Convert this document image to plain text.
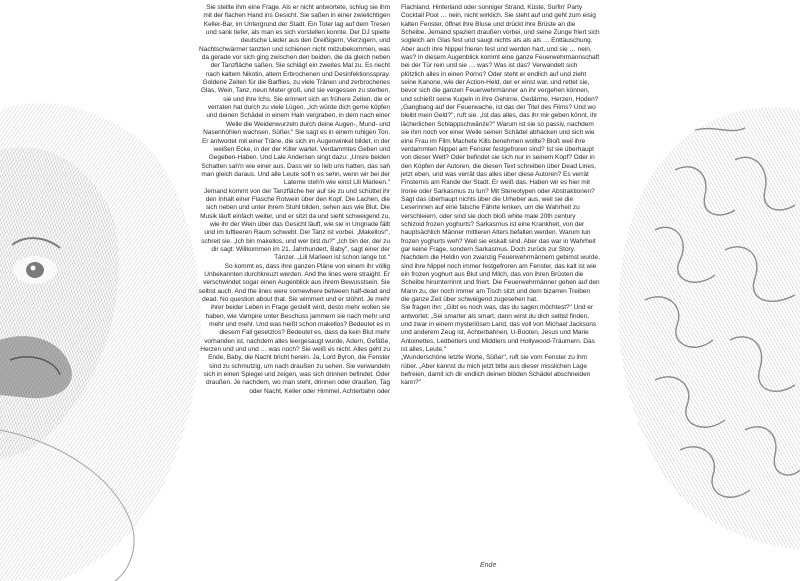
Sie stellte ihm eine Frage. Als er nicht antwortete, schlug sie ihm mit der flachen Hand ins Gesicht. Sie saßen in einer zwielichtigen Keller-Bar, im Untergrund der Stadt. Ein Toter lag auf dem Tresen und sank tiefer, als man es sich vorstellen konnte. Der DJ spielte deutsche Lieder aus den Dreißigern, Vierzigern, und Nachtschwärmer tanzten und schienen nicht mitzubekommen, was da gerade vor sich ging zwischen den beiden, die da gleich neben der Tanzfläche saßen. Sie schlägt ein zweites Mal zu. Es riecht nach kaltem Nikotin, altem Erbrochenen und Desinfektionsspray. Goldene Zeiten für die Barflies, zu viele Tränen und zerbrochenes Glas, Wein, Tanz, neun Meter groß, und sie vergessen zu sterben, sie und ihre Ichs. Sie erinnert sich an frühere Zeiten, die er verraten hat durch zu viele Lügen. „Ich würde dich gerne köpfen und deinen Schädel in einem Hain vergraben, in dem nach einer Weile die Weidenwurzeln durch deine Augen-, Mund- und Nasenhöhlen wachsen, Süßer." Sie sagt es in einem ruhigen Ton. Er antwortet mit einer Träne, die sich im Augenwinkel bildet, in der weißen Ecke, in der der Killer wartet. Verdammtes Geben und Gegeben-Haben. Und Lale Andersen singt dazu: „Unsre beiden Schatten sah'n wie einer aus. Dass wir so lieb uns hatten, das sah man gleich daraus. Und alle Leute soll'n es sehn, wenn wir bei der Laterne steh'n wie einst Lili Marleen."

Jemand kommt von der Tanzfläche her auf sie zu und schüttet ihr den Inhalt einer Flasche Rotwein über den Kopf. Die Lachen, die sich neben und unter ihrem Stuhl bilden, sehen aus wie Blut. Die Musik läuft einfach weiter, und er sitzt da und sieht schweigend zu, wie ihr der Wein über das Gesicht läuft, wie sie in Ungnade fällt und im luftleeren Raum schwebt. Der Tanz ist vorbei. „Makellos!", schreit sie. „Ich bin makellos, und wer bist du?" „Ich bin der, der zu dir sagt: Willkommen im 21. Jahrhundert, Baby", sagt einer der Tänzer. „Lili Marleen ist schon lange tot."

So kommt es, dass ihre ganzen Pläne von einem ihr völlig Unbekannten durchkreuzt werden. And the lines were straight. Er verschwindet sogar einen Augenblick aus ihrem Bewusstsein. Sie selbst auch. And the lines were somewhere between half-dead and dead. No question about that. Sie wimmert und er stöhnt. Je mehr ihrer beider Leben in Frage gestellt wird, desto mehr wollen sie haben, wie Vampire unter Beschuss jammern sie nach mehr und mehr und mehr. Und was heißt schon makellos? Bedeutet es in diesem Fall gesetzlos? Bedeutet es, dass da kein Blut mehr vorhanden ist, nachdem alles leergesaugt wurde, Adern, Gefäße, Herzen und und und … was noch? Sie weiß es nicht. Alles geht zu Ende, Baby, die Nacht bricht herein. Ja, Lord Byron, die Fenster sind zu schmutzig, um nach draußen zu sehen. Sie verwandeln sich in einen Spiegel und zeigen, was sich drinnen befindet. Oder draußen. Je nachdem, wo man steht, drinnen oder draußen, Tag oder Nacht, Keller oder Himmel, Achterbahn oder

Flachland, Hinterland oder sonniger Strand, Küste, Surfin' Party Cocktail Pool … nein, nicht wirklich. Sie steht auf und geht zum eisig kalten Fenster, öffnet ihre Bluse und drückt ihre Brüste an die Scheibe. Jemand spaziert draußen vorbei, und seine Zunge friert sich sogleich am Glas fest und saugt nichts als als als … Enttäuschung. Aber auch ihre Nippel frieren fest und werden hart, und sie … nein, was? In diesem Augenblick kommt eine ganze Feuerwehrmannschaft bei der Tür rein und sie … was? Was ist das? Verwandelt sich plötzlich alles in einen Porno? Oder steht er endlich auf und zieht seine Kanone, wie der Action-Held, der er einst war, und rettet sie, bevor sich die ganzen Feuerwehrmänner an ihr vergehen können, und schießt seine Kugeln in ihre Gehirne, Gedärme, Herzen, Hoden? „Gangbang auf der Feuerwache, ist das der Titel des Films? Und wo bleibt mein Geld?", ruft sie. „Ist das alles, das ihr mir geben könnt, ihr lächerlichen Schlappschwänze?" Warum ist sie so passiv, nachdem sie ihm noch vor einer Weile seinen Schädel abhacken und sich wie eine Frau im Film Machete Kills benehmen wollte? Bloß weil ihre verdammten Nippel am Fenster festgefroren sind? Ist sie überhaupt von dieser Welt? Oder befindet sie sich nur in seinem Kopf? Oder in den Köpfen der Autoren, die diesen Text schreiben über Dead Lines, jetzt eben, und was verrät das alles über diese Autoren? Es verrät Finsternis am Rande der Stadt. Er weiß das. Haben wir es hier mit Ironie oder Sarkasmus zu tun? Mit Stereotypen oder Abstraktionen? Sagt das überhaupt nichts über die Urheber aus, weil sie die Leserinnen auf eine falsche Fährte lenken, um die Wahrheit zu verschleiern, oder sind sie doch bloß white male 20th century schizoid frozen yoghurts? Sarkasmus ist eine Krankheit, von der hauptsächlich Männer mittleren Alters befallen werden. Warum tun frozen yoghurts weh? Weil sie eiskalt sind. Aber das war in Wahrheit gar keine Frage, sondern Sarkasmus. Doch zurück zur Story. Nachdem die Heldin von zwanzig Feuerwehrmännern gebimst wurde, sind ihre Nippel noch immer festgefroren am Fenster, das kalt ist wie ein frozen yoghurt aus Blut und Milch, das von ihren Brüsten die Scheibe hinunterrinnt und friert. Die Feuerwehrmänner gehen auf den Mann zu, der noch immer am Tisch sitzt und dem bizarren Treiben die ganze Zeit über schweigend zugesehen hat.

Sie fragen ihn: „Gibt es noch was, das du sagen möchtest?" Und er antwortet: „Sei smarter als smart, dann wirst du dich selbst finden, und zwar in einem mysteriösen Land, das voll von Michael Jacksons und anderem Zeug ist, Achterbahnen, U-Booten, Jesus und Marie Antoinettes, Ledbetters und Middlers und Hollywood-Träumern. Das ist alles, Leute."

„Wunderschöne letzte Worte, Süßer", ruft sie vom Fenster zu ihm rüber. „Aber kannst du mich jetzt bitte aus dieser misslichen Lage befreien, damit ich dir endlich deinen blöden Schädel abschneiden kann?"

Ende
